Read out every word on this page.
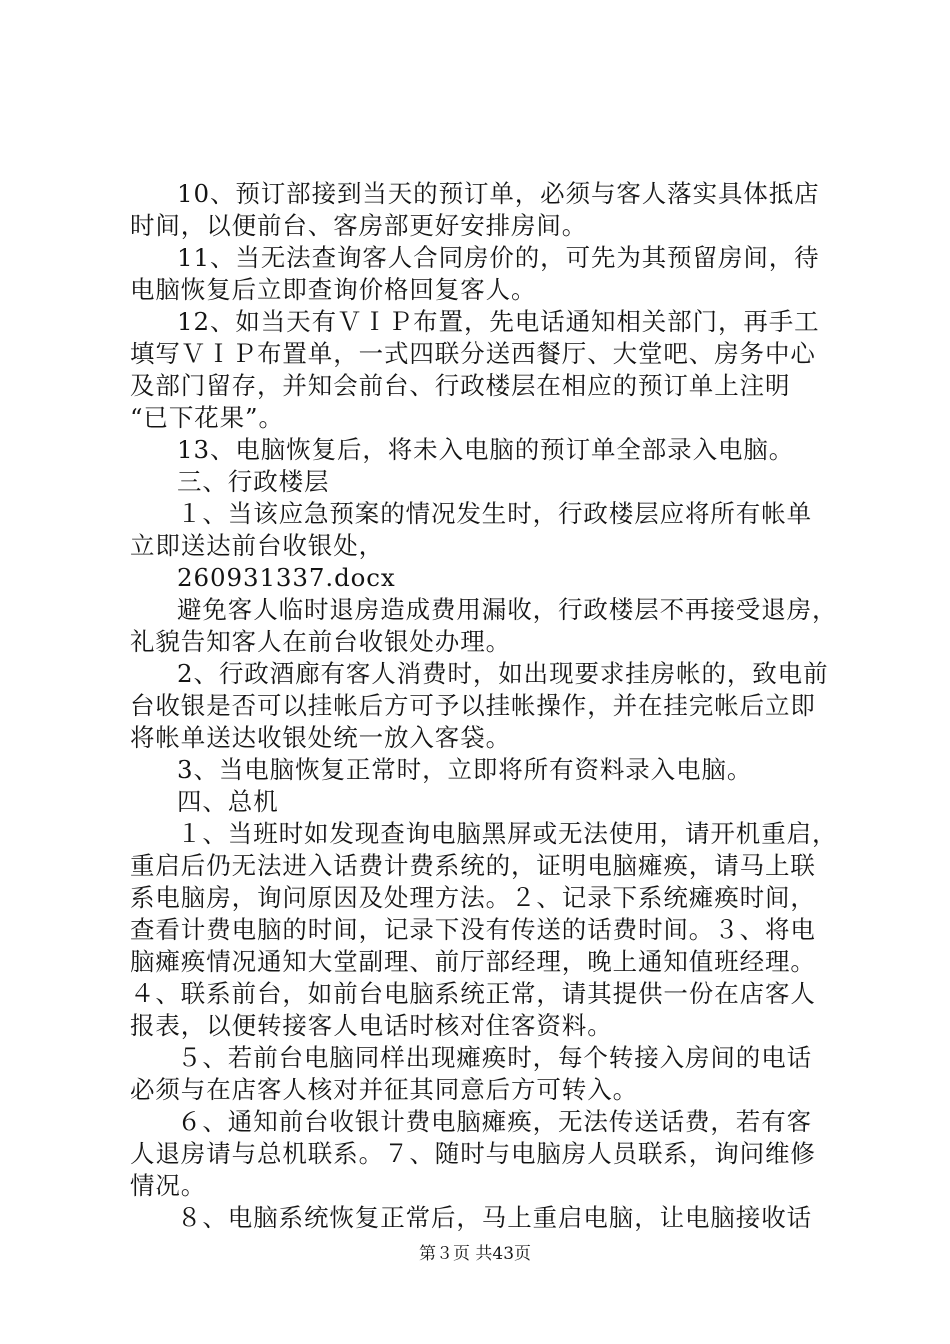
10、预订部接到当天的预订单，必须与客人落实具体抵店
时间，以便前台、客房部更好安排房间。
11、当无法查询客人合同房价的，可先为其预留房间，待
电脑恢复后立即查询价格回复客人。
12、如当天有ＶＩＰ布置，先电话通知相关部门，再手工
填写ＶＩＰ布置单，一式四联分送西餐厅、大堂吧、房务中心
及部门留存，并知会前台、行政楼层在相应的预订单上注明
“已下花果”。
13、电脑恢复后，将未入电脑的预订单全部录入电脑。
三、行政楼层
１、当该应急预案的情况发生时，行政楼层应将所有帐单
立即送达前台收银处，
260931337.docx
避免客人临时退房造成费用漏收，行政楼层不再接受退房，
礼貌告知客人在前台收银处办理。
2、行政酒廊有客人消费时，如出现要求挂房帐的，致电前
台收银是否可以挂帐后方可予以挂帐操作，并在挂完帐后立即
将帐单送达收银处统一放入客袋。
3、当电脑恢复正常时，立即将所有资料录入电脑。
四、总机
１、当班时如发现查询电脑黑屏或无法使用，请开机重启，
重启后仍无法进入话费计费系统的，证明电脑瘫痪，请马上联
系电脑房，询问原因及处理方法。２、记录下系统瘫痪时间，
查看计费电脑的时间，记录下没有传送的话费时间。３、将电
脑瘫痪情况通知大堂副理、前厅部经理，晚上通知值班经理。
４、联系前台，如前台电脑系统正常，请其提供一份在店客人
报表，以便转接客人电话时核对住客资料。
５、若前台电脑同样出现瘫痪时，每个转接入房间的电话
必须与在店客人核对并征其同意后方可转入。
６、通知前台收银计费电脑瘫痪，无法传送话费，若有客
人退房请与总机联系。７、随时与电脑房人员联系，询问维修
情况。
８、电脑系统恢复正常后，马上重启电脑，让电脑接收话
第３页 共43页
